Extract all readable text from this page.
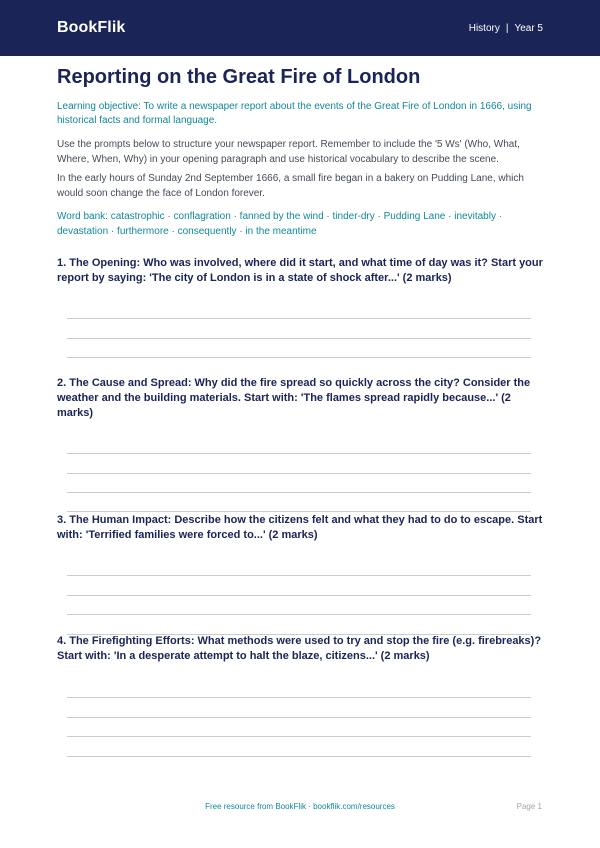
BookFlik	History | Year 5
Reporting on the Great Fire of London

Learning objective: To write a newspaper report about the events of the Great Fire of London in 1666, using historical facts and formal language.

Use the prompts below to structure your newspaper report. Remember to include the '5 Ws' (Who, What, Where, When, Why) in your opening paragraph and use historical vocabulary to describe the scene.

In the early hours of Sunday 2nd September 1666, a small fire began in a bakery on Pudding Lane, which would soon change the face of London forever.

Word bank: catastrophic · conflagration · fanned by the wind · tinder-dry · Pudding Lane · inevitably · devastation · furthermore · consequently · in the meantime

1. The Opening: Who was involved, where did it start, and what time of day was it? Start your report by saying: 'The city of London is in a state of shock after...' (2 marks)

2. The Cause and Spread: Why did the fire spread so quickly across the city? Consider the weather and the building materials. Start with: 'The flames spread rapidly because...' (2 marks)

3. The Human Impact: Describe how the citizens felt and what they had to do to escape. Start with: 'Terrified families were forced to...' (2 marks)

4. The Firefighting Efforts: What methods were used to try and stop the fire (e.g. firebreaks)? Start with: 'In a desperate attempt to halt the blaze, citizens...' (2 marks)

Free resource from BookFlik · bookflik.com/resources	Page 1
